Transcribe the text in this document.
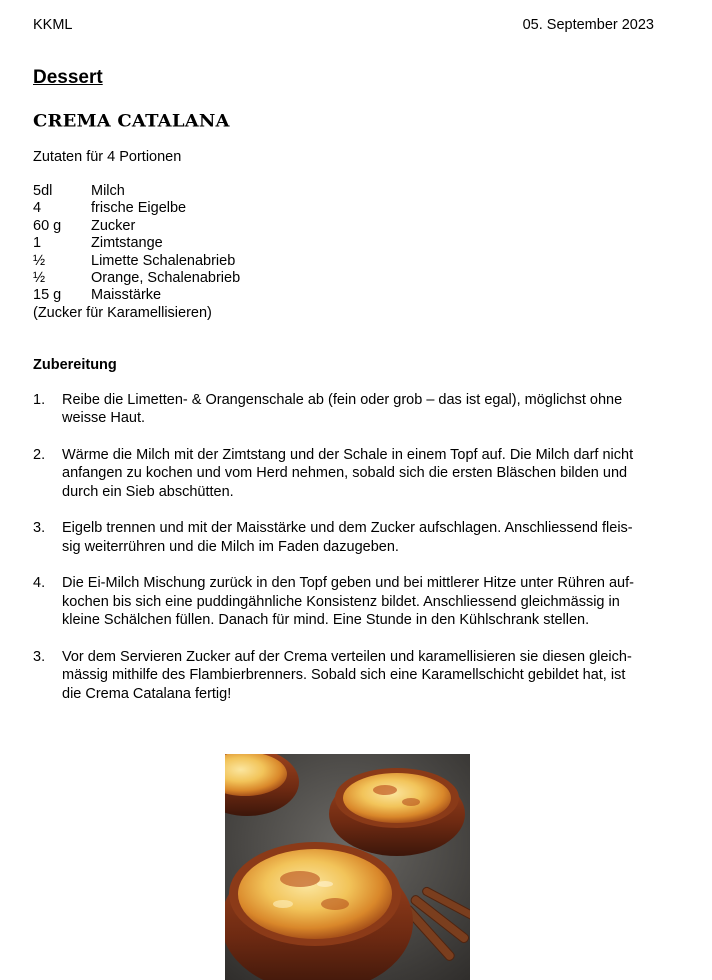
KKML	05. September 2023
Dessert
CREMA CATALANA
Zutaten für 4 Portionen
5dl	Milch
4	frische Eigelbe
60 g	Zucker
1	Zimtstange
½	Limette Schalenabrieb
½	Orange, Schalenabrieb
15 g	Maisstärke
(Zucker für Karamellisieren)
Zubereitung
1.	Reibe die Limetten- & Orangenschale ab (fein oder grob – das ist egal), möglichst ohne
weisse Haut.
2.	Wärme die Milch mit der Zimtstang und der Schale in einem Topf auf. Die Milch darf nicht
anfangen zu kochen und vom Herd nehmen, sobald sich die ersten Bläschen bilden und
durch ein Sieb abschütten.
3.	Eigelb trennen und mit der Maisstärke und dem Zucker aufschlagen. Anschliessend fleis-
sig weiterrühren und die Milch im Faden dazugeben.
4.	Die Ei-Milch Mischung zurück in den Topf geben und bei mittlerer Hitze unter Rühren auf-
kochen bis sich eine puddingähnliche Konsistenz bildet. Anschliessend gleichmässig in
kleine Schälchen füllen. Danach für mind. Eine Stunde in den Kühlschrank stellen.
3.	Vor dem Servieren Zucker auf der Crema verteilen und karamellisieren sie diesen gleich-
mässig mithilfe des Flambierbrenners. Sobald sich eine Karamellschicht gebildet hat, ist
die Crema Catalana fertig!
